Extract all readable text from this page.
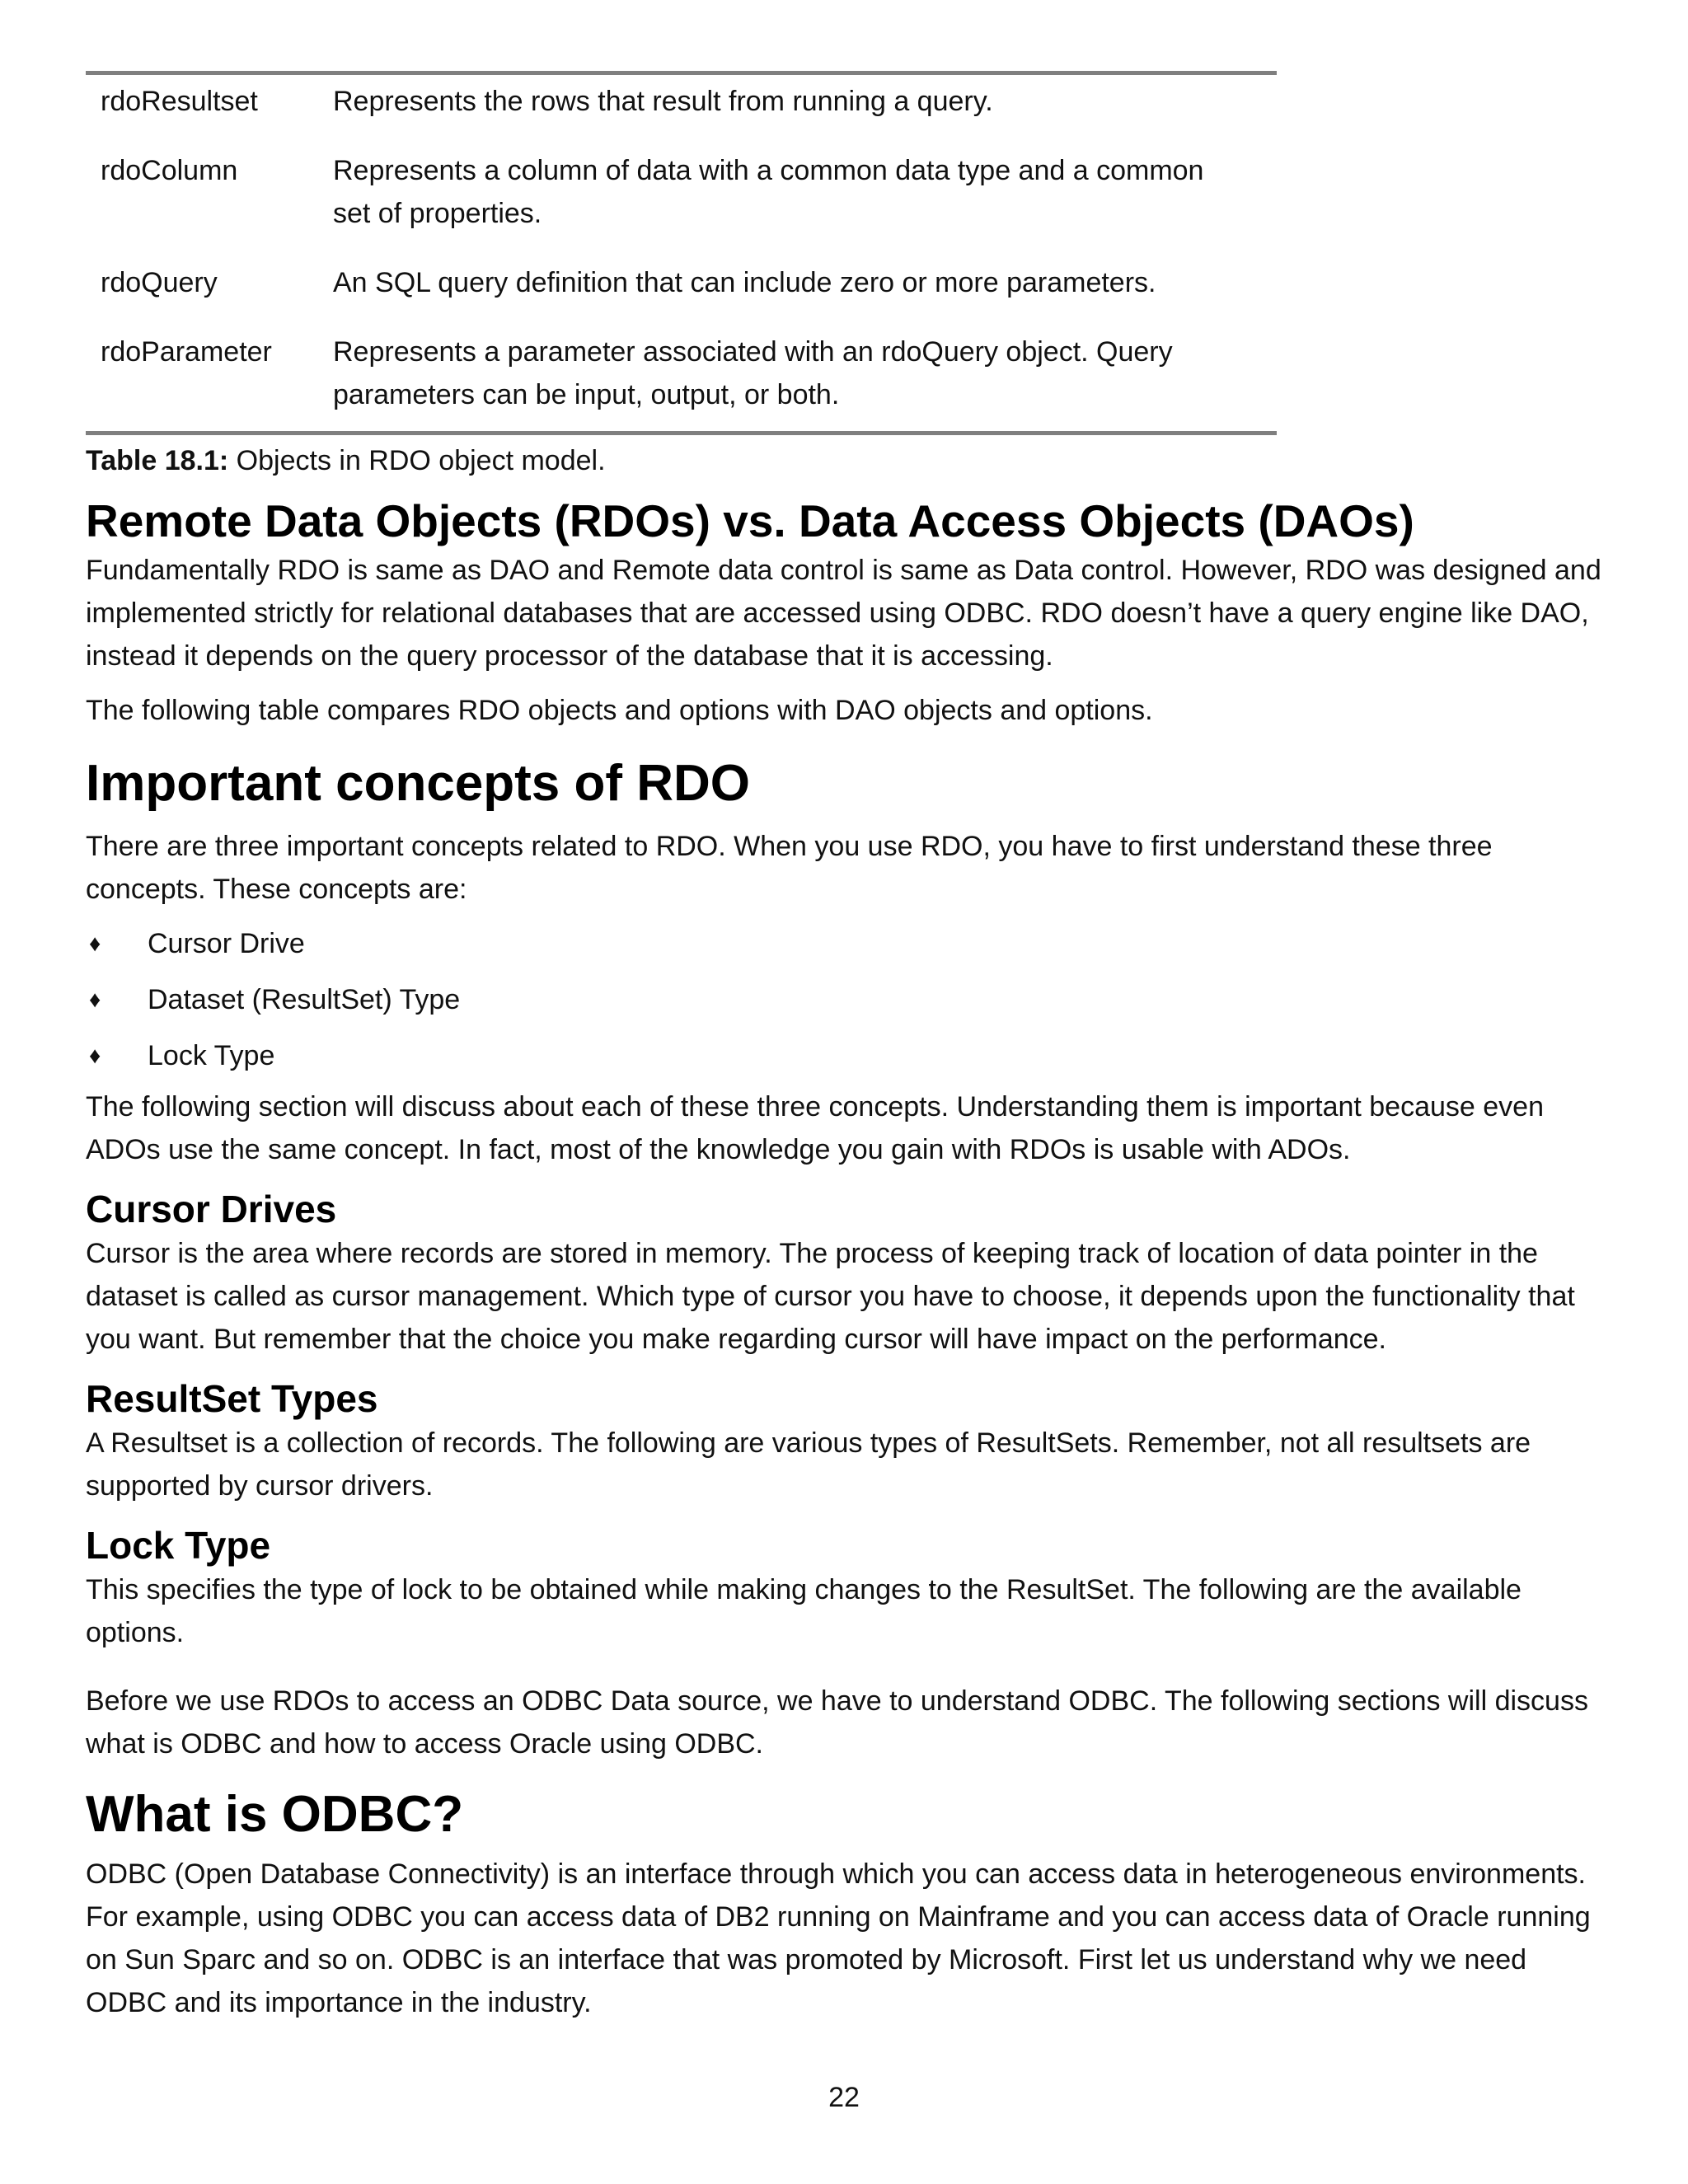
rdoResultset	Represents the rows that result from running a query.
rdoColumn	Represents a column of data with a common data type and a common set of properties.
rdoQuery	An SQL query definition that can include zero or more parameters.
rdoParameter	Represents a parameter associated with an rdoQuery object. Query parameters can be input, output, or both.
Table 18.1: Objects in RDO object model.
Remote Data Objects (RDOs) vs. Data Access Objects (DAOs)

Fundamentally RDO is same as DAO and Remote data control is same as Data control. However, RDO was designed and implemented strictly for relational databases that are accessed using ODBC. RDO doesn’t have a query engine like DAO, instead it depends on the query processor of the database that it is accessing.

The following table compares RDO objects and options with DAO objects and options.

Important concepts of RDO

There are three important concepts related to RDO. When you use RDO, you have to first understand these three concepts. These concepts are:

♦	Cursor Drive
♦	Dataset (ResultSet) Type
♦	Lock Type

The following section will discuss about each of these three concepts. Understanding them is important because even ADOs use the same concept. In fact, most of the knowledge you gain with RDOs is usable with ADOs.

Cursor Drives

Cursor is the area where records are stored in memory. The process of keeping track of location of data pointer in the dataset is called as cursor management. Which type of cursor you have to choose, it depends upon the functionality that you want. But remember that the choice you make regarding cursor will have impact on the performance.

ResultSet Types

A Resultset is a collection of records. The following are various types of ResultSets. Remember, not all resultsets are supported by cursor drivers.

Lock Type

This specifies the type of lock to be obtained while making changes to the ResultSet. The following are the available options.

Before we use RDOs to access an ODBC Data source, we have to understand ODBC. The following sections will discuss what is ODBC and how to access Oracle using ODBC.

What is ODBC?

ODBC (Open Database Connectivity) is an interface through which you can access data in heterogeneous environments. For example, using ODBC you can access data of DB2 running on Mainframe and you can access data of Oracle running on Sun Sparc and so on. ODBC is an interface that was promoted by Microsoft. First let us understand why we need ODBC and its importance in the industry.

22
